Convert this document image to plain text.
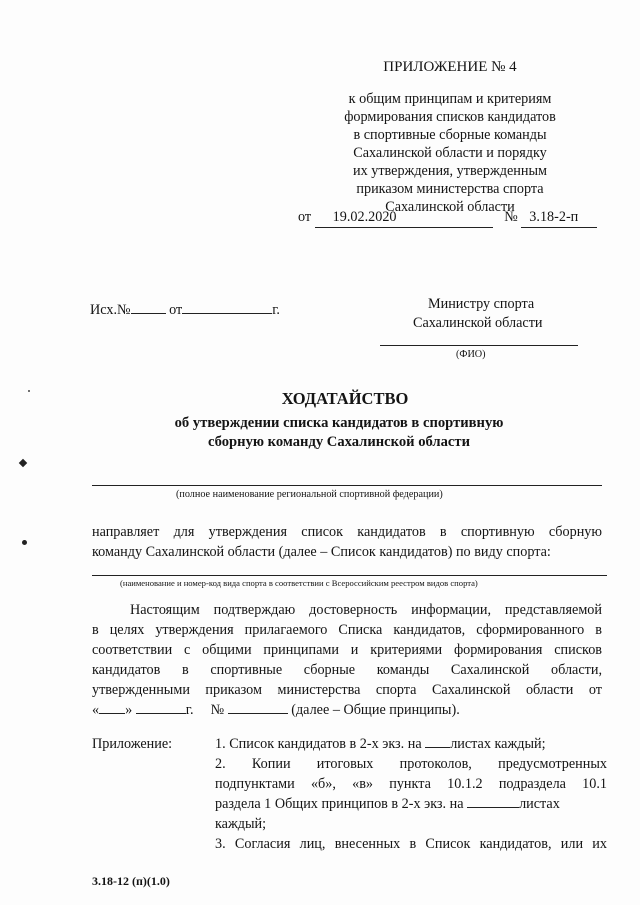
ПРИЛОЖЕНИЕ № 4
к общим принципам и критериям
формирования списков кандидатов
в спортивные сборные команды
Сахалинской области и порядку
их утверждения, утвержденным
приказом министерства спорта
Сахалинской области
от 19.02.2020	№ 3.18-2-п
Исх.№	от	г.	Министру спорта
Сахалинской области
(ФИО)
ХОДАТАЙСТВО
об утверждении списка кандидатов в спортивную
сборную команду Сахалинской области
(полное наименование региональной спортивной федерации)
направляет для утверждения список кандидатов в спортивную сборную
команду Сахалинской области (далее – Список кандидатов) по виду спорта:
(наименование и номер-код вида спорта в соответствии с Всероссийским реестром видов спорта)
Настоящим подтверждаю достоверность информации, представляемой
в целях утверждения прилагаемого Списка кандидатов, сформированного в
соответствии с общими принципами и критериями формирования списков
кандидатов в спортивные сборные команды Сахалинской области,
утвержденными приказом министерства спорта Сахалинской области от
« »	г. №	(далее – Общие принципы).
Приложение:	1. Список кандидатов в 2-х экз. на листах каждый;
2. Копии итоговых протоколов, предусмотренных
подпунктами «б», «в» пункта 10.1.2 подраздела 10.1
раздела 1 Общих принципов в 2-х экз. на	листах
каждый;
3. Согласия лиц, внесенных в Список кандидатов, или их
3.18-12 (п)(1.0)
